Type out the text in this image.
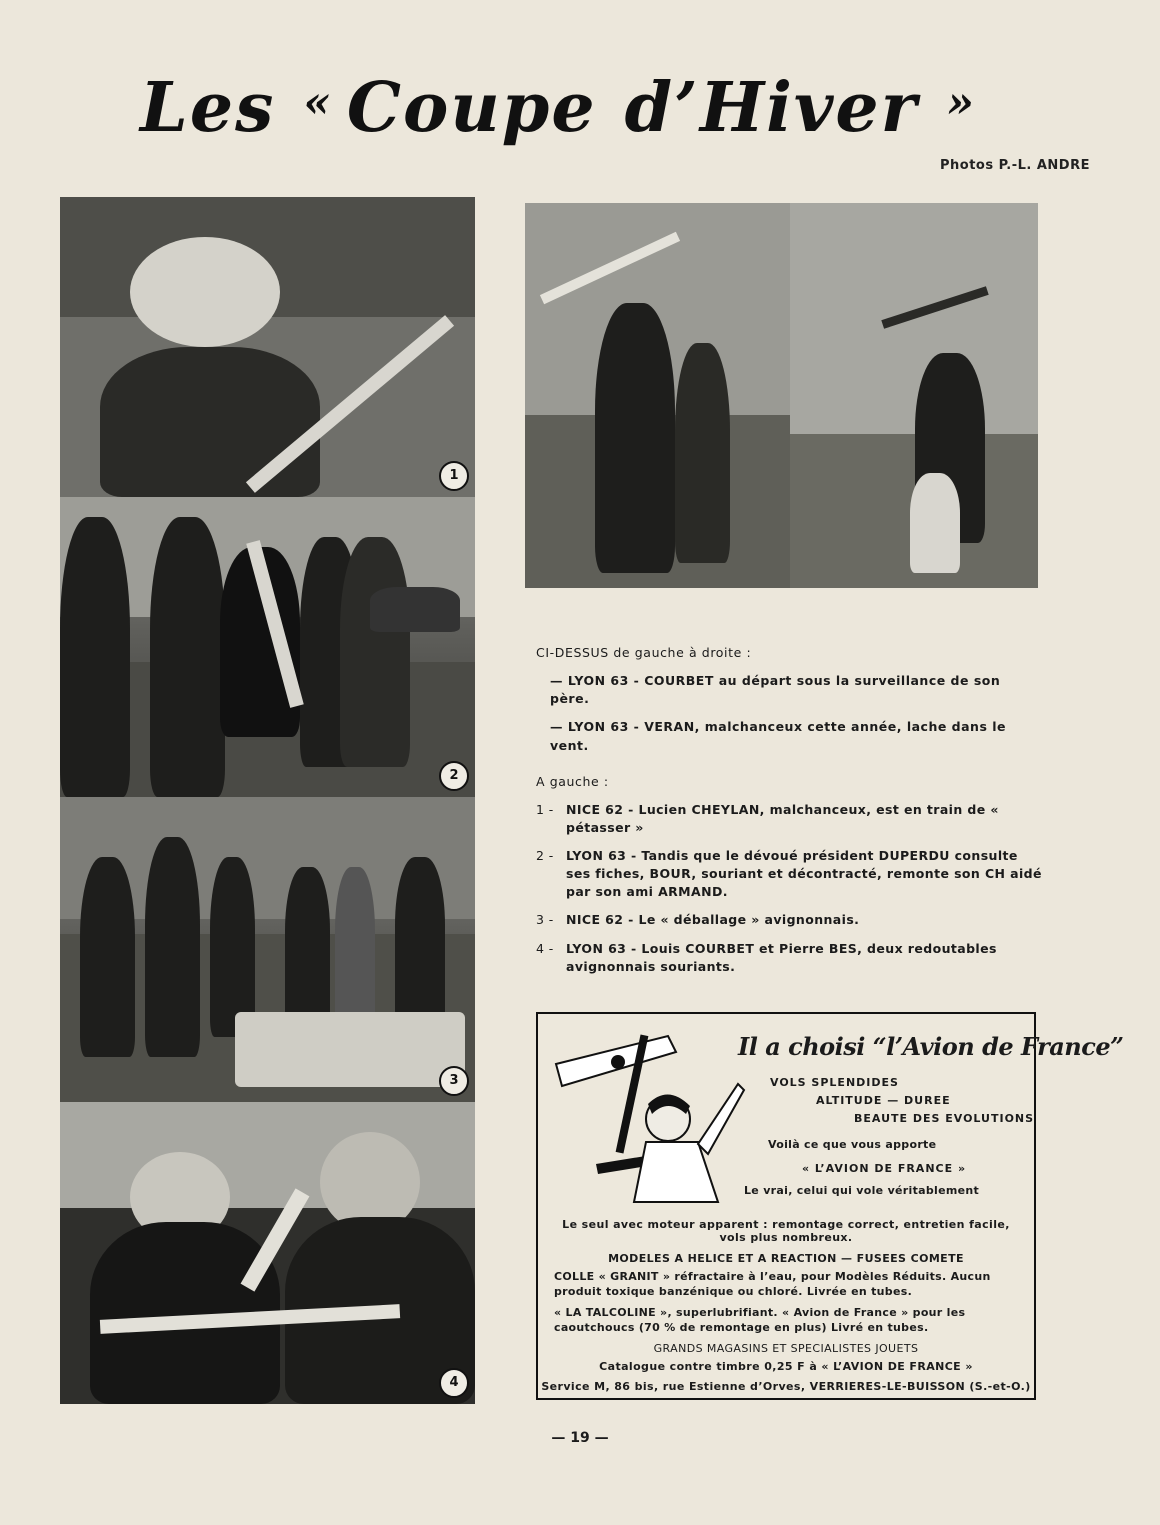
Les « Coupe d’Hiver »
Photos P.-L. ANDRE
1
2
3
4
CI-DESSUS de gauche à droite :
— LYON 63 - COURBET au départ sous la surveillance de son père.
— LYON 63 - VERAN, malchanceux cette année, lache dans le vent.
A gauche :
1 - NICE 62 - Lucien CHEYLAN, malchanceux, est en train de « pétasser »
2 - LYON 63 - Tandis que le dévoué président DUPERDU consulte ses fiches, BOUR, souriant et décontracté, remonte son CH aidé par son ami ARMAND.
3 - NICE 62 - Le « déballage » avignonnais.
4 - LYON 63 - Louis COURBET et Pierre BES, deux redoutables avignonnais souriants.
Il a choisi “l’Avion de France”
VOLS SPLENDIDES
ALTITUDE — DUREE
BEAUTE DES EVOLUTIONS
Voilà ce que vous apporte
« L’AVION DE FRANCE »
Le vrai, celui qui vole véritablement
Le seul avec moteur apparent : remontage correct, entretien facile, vols plus nombreux.
MODELES A HELICE ET A REACTION — FUSEES COMETE
COLLE « GRANIT » réfractaire à l’eau, pour Modèles Réduits. Aucun produit toxique banzénique ou chloré. Livrée en tubes.
« LA TALCOLINE », superlubrifiant. « Avion de France » pour les caoutchoucs (70 % de remontage en plus) Livré en tubes.
GRANDS MAGASINS ET SPECIALISTES JOUETS
Catalogue contre timbre 0,25 F à « L’AVION DE FRANCE »
Service M, 86 bis, rue Estienne d’Orves, VERRIERES-LE-BUISSON (S.-et-O.)
— 19 —
